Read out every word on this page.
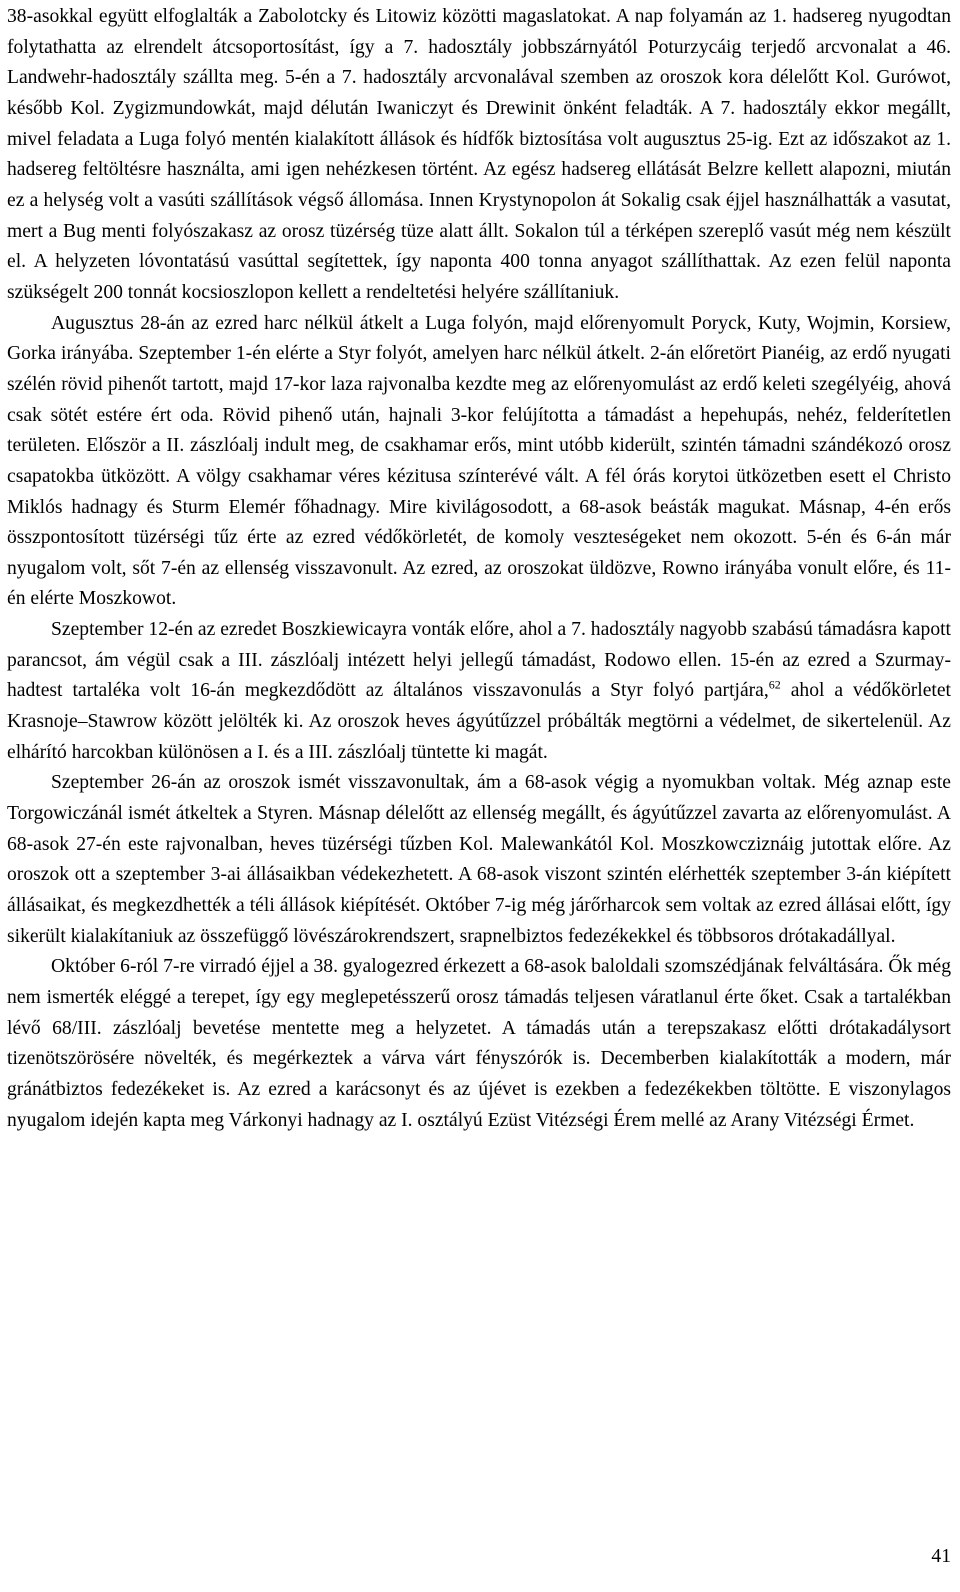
38-asokkal együtt elfoglalták a Zabolotcky és Litowiz közötti magaslatokat. A nap folyamán az 1. hadsereg nyugodtan folytathatta az elrendelt átcsoportosítást, így a 7. hadosztály jobbszárnyától Poturzycáig terjedő arcvonalat a 46. Landwehr-hadosztály szállta meg. 5-én a 7. hadosztály arcvonalával szemben az oroszok kora délelőtt Kol. Gurówot, később Kol. Zygizmundowkát, majd délután Iwaniczyt és Drewinit önként feladták. A 7. hadosztály ekkor megállt, mivel feladata a Luga folyó mentén kialakított állások és hídfők biztosítása volt augusztus 25-ig. Ezt az időszakot az 1. hadsereg feltöltésre használta, ami igen nehézkesen történt. Az egész hadsereg ellátását Belzre kellett alapozni, miután ez a helység volt a vasúti szállítások végső állomása. Innen Krystynopolon át Sokalig csak éjjel használhatták a vasutat, mert a Bug menti folyószakasz az orosz tüzérség tüze alatt állt. Sokalon túl a térképen szereplő vasút még nem készült el. A helyzeten lóvontatású vasúttal segítettek, így naponta 400 tonna anyagot szállíthattak. Az ezen felül naponta szükségelt 200 tonnát kocsioszlopon kellett a rendeltetési helyére szállítaniuk.

Augusztus 28-án az ezred harc nélkül átkelt a Luga folyón, majd előrenyomult Poryck, Kuty, Wojmin, Korsiew, Gorka irányába. Szeptember 1-én elérte a Styr folyót, amelyen harc nélkül átkelt. 2-án előretört Pianéig, az erdő nyugati szélén rövid pihenőt tartott, majd 17-kor laza rajvonalba kezdte meg az előrenyomulást az erdő keleti szegélyéig, ahová csak sötét estére ért oda. Rövid pihenő után, hajnali 3-kor felújította a támadást a hepehupás, nehéz, felderítetlen területen. Először a II. zászlóalj indult meg, de csakhamar erős, mint utóbb kiderült, szintén támadni szándékozó orosz csapatokba ütközött. A völgy csakhamar véres kézitusa színterévé vált. A fél órás korytoi ütközetben esett el Christo Miklós hadnagy és Sturm Elemér főhadnagy. Mire kivilágosodott, a 68-asok beásták magukat. Másnap, 4-én erős összpontosított tüzérségi tűz érte az ezred védőkörletét, de komoly veszteségeket nem okozott. 5-én és 6-án már nyugalom volt, sőt 7-én az ellenség visszavonult. Az ezred, az oroszokat üldözve, Rowno irányába vonult előre, és 11-én elérte Moszkowot.

Szeptember 12-én az ezredet Boszkiewicayra vonták előre, ahol a 7. hadosztály nagyobb szabású támadásra kapott parancsot, ám végül csak a III. zászlóalj intézett helyi jellegű támadást, Rodowo ellen. 15-én az ezred a Szurmay-hadtest tartaléka volt 16-án megkezdődött az általános visszavonulás a Styr folyó partjára,$^{62}$ ahol a védőkörletet Krasnoje–Stawrow között jelölték ki. Az oroszok heves ágyútűzzel próbálták megtörni a védelmet, de sikertelenül. Az elhárító harcokban különösen a I. és a III. zászlóalj tüntette ki magát.

Szeptember 26-án az oroszok ismét visszavonultak, ám a 68-asok végig a nyomukban voltak. Még aznap este Torgowiczánál ismét átkeltek a Styren. Másnap délelőtt az ellenség megállt, és ágyútűzzel zavarta az előrenyomulást. A 68-asok 27-én este rajvonalban, heves tüzérségi tűzben Kol. Malewankától Kol. Moszkowcziznáig jutottak előre. Az oroszok ott a szeptember 3-ai állásaikban védekezhetett. A 68-asok viszont szintén elérhették szeptember 3-án kiépített állásaikat, és megkezdhették a téli állások kiépítését. Október 7-ig még járőrharcok sem voltak az ezred állásai előtt, így sikerült kialakítaniuk az összefüggő lövészárokrendszert, srapnelbiztos fedezékekkel és többsoros drótakadállyal.

Október 6-ról 7-re virradó éjjel a 38. gyalogezred érkezett a 68-asok baloldali szomszédjának felváltására. Ők még nem ismerték eléggé a terepet, így egy meglepetésszerű orosz támadás teljesen váratlanul érte őket. Csak a tartalékban lévő 68/III. zászlóalj bevetése mentette meg a helyzetet. A támadás után a terepszakasz előtti drótakadálysort tizenötszörösére növelték, és megérkeztek a várva várt fényszórók is. Decemberben kialakították a modern, már gránátbiztos fedezékeket is. Az ezred a karácsonyt és az újévet is ezekben a fedezékekben töltötte. E viszonylagos nyugalom idején kapta meg Várkonyi hadnagy az I. osztályú Ezüst Vitézségi Érem mellé az Arany Vitézségi Érmet.

41
